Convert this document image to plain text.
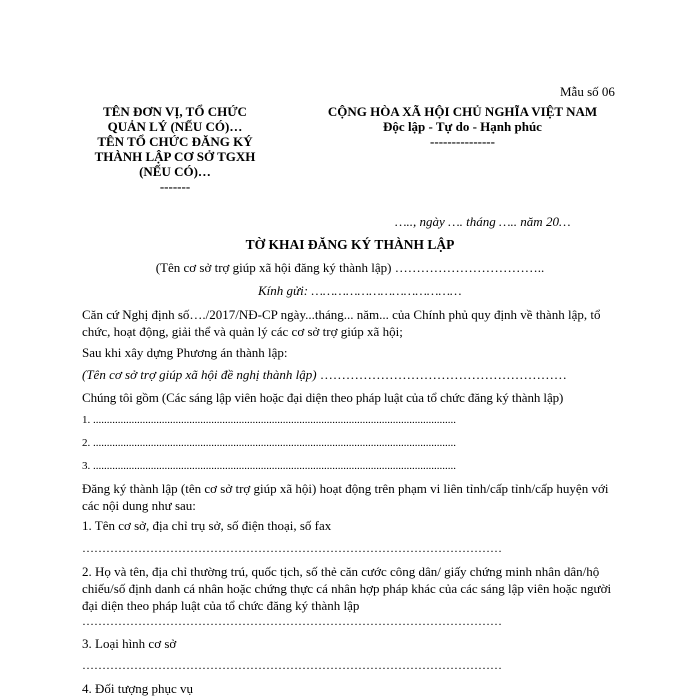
Mẫu số 06
TÊN ĐƠN VỊ, TỔ CHỨC
QUẢN LÝ (NẾU CÓ)…
TÊN TỔ CHỨC ĐĂNG KÝ
THÀNH LẬP CƠ SỞ TGXH
(NẾU CÓ)…
-------
CỘNG HÒA XÃ HỘI CHỦ NGHĨA VIỆT NAM
Độc lập - Tự do - Hạnh phúc
---------------
….., ngày …. tháng ….. năm 20…
TỜ KHAI ĐĂNG KÝ THÀNH LẬP
(Tên cơ sở trợ giúp xã hội đăng ký thành lập) ……………………………..
Kính gửi: …………………………………
Căn cứ Nghị định số…./2017/NĐ-CP ngày...tháng... năm... của Chính phủ quy định về thành lập, tổ chức, hoạt động, giải thể và quản lý các cơ sở trợ giúp xã hội;
Sau khi xây dựng Phương án thành lập:
(Tên cơ sở trợ giúp xã hội đề nghị thành lập) …………………………………………………
Chúng tôi gồm (Các sáng lập viên hoặc đại diện theo pháp luật của tổ chức đăng ký thành lập)
1. ....................................................................................................................................
2. ....................................................................................................................................
3. ....................................................................................................................................
Đăng ký thành lập (tên cơ sở trợ giúp xã hội) hoạt động trên phạm vi liên tỉnh/cấp tỉnh/cấp huyện với các nội dung như sau:
1. Tên cơ sở, địa chỉ trụ sở, số điện thoại, số fax
……………………………………………………………………………………………
2. Họ và tên, địa chỉ thường trú, quốc tịch, số thẻ căn cước công dân/ giấy chứng minh nhân dân/hộ chiếu/số định danh cá nhân hoặc chứng thực cá nhân hợp pháp khác của các sáng lập viên hoặc người đại diện theo pháp luật của tổ chức đăng ký thành lập
……………………………………………………………………………………………
3. Loại hình cơ sở
……………………………………………………………………………………………
4. Đối tượng phục vụ
